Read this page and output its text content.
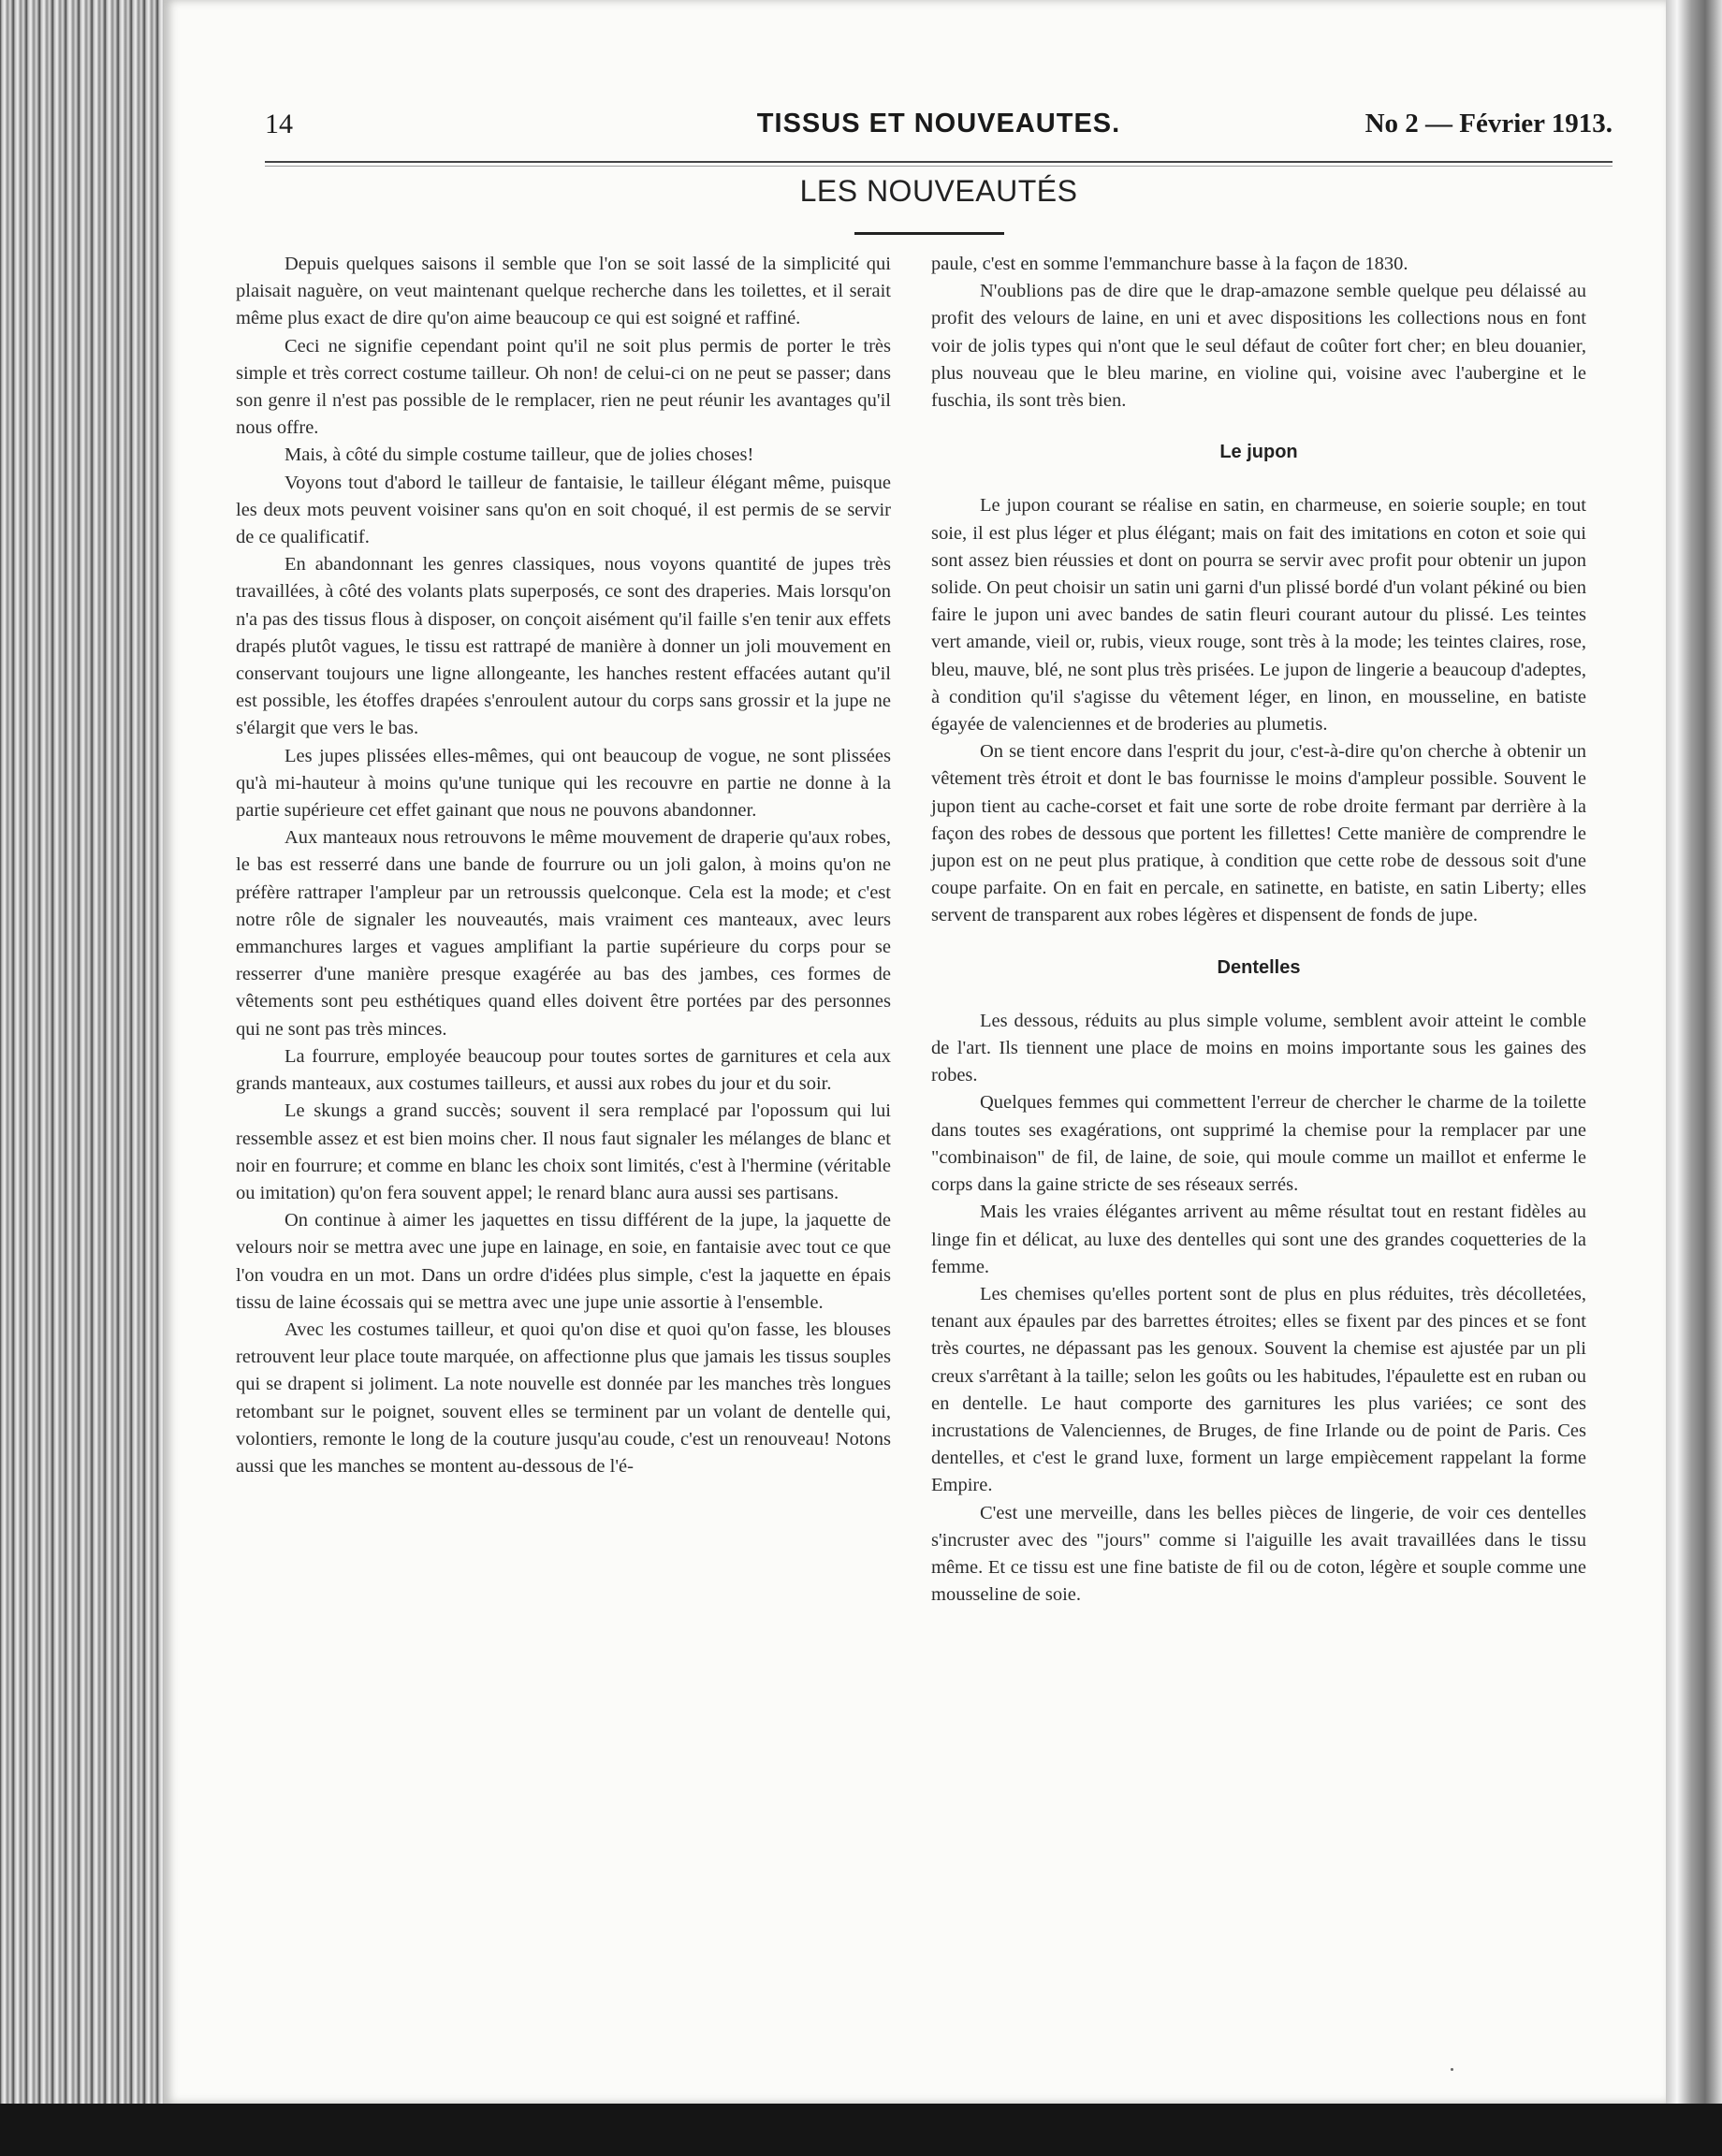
14	TISSUS ET NOUVEAUTES.	No 2 — Février 1913.
LES NOUVEAUTÉS

Depuis quelques saisons il semble que l'on se soit lassé de la simplicité qui plaisait naguère, on veut maintenant quelque recherche dans les toilettes, et il serait même plus exact de dire qu'on aime beaucoup ce qui est soigné et raffiné.

Ceci ne signifie cependant point qu'il ne soit plus permis de porter le très simple et très correct costume tailleur. Oh non! de celui-ci on ne peut se passer; dans son genre il n'est pas possible de le remplacer, rien ne peut réunir les avantages qu'il nous offre.

Mais, à côté du simple costume tailleur, que de jolies choses!

Voyons tout d'abord le tailleur de fantaisie, le tailleur élégant même, puisque les deux mots peuvent voisiner sans qu'on en soit choqué, il est permis de se servir de ce qualificatif.

En abandonnant les genres classiques, nous voyons quantité de jupes très travaillées, à côté des volants plats superposés, ce sont des draperies. Mais lorsqu'on n'a pas des tissus flous à disposer, on conçoit aisément qu'il faille s'en tenir aux effets drapés plutôt vagues, le tissu est rattrapé de manière à donner un joli mouvement en conservant toujours une ligne allongeante, les hanches restent effacées autant qu'il est possible, les étoffes drapées s'enroulent autour du corps sans grossir et la jupe ne s'élargit que vers le bas.

Les jupes plissées elles-mêmes, qui ont beaucoup de vogue, ne sont plissées qu'à mi-hauteur à moins qu'une tunique qui les recouvre en partie ne donne à la partie supérieure cet effet gainant que nous ne pouvons abandonner.

Aux manteaux nous retrouvons le même mouvement de draperie qu'aux robes, le bas est resserré dans une bande de fourrure ou un joli galon, à moins qu'on ne préfère rattraper l'ampleur par un retroussis quelconque. Cela est la mode; et c'est notre rôle de signaler les nouveautés, mais vraiment ces manteaux, avec leurs emmanchures larges et vagues amplifiant la partie supérieure du corps pour se resserrer d'une manière presque exagérée au bas des jambes, ces formes de vêtements sont peu esthétiques quand elles doivent être portées par des personnes qui ne sont pas très minces.

La fourrure, employée beaucoup pour toutes sortes de garnitures et cela aux grands manteaux, aux costumes tailleurs, et aussi aux robes du jour et du soir.

Le skungs a grand succès; souvent il sera remplacé par l'opossum qui lui ressemble assez et est bien moins cher. Il nous faut signaler les mélanges de blanc et noir en fourrure; et comme en blanc les choix sont limités, c'est à l'hermine (véritable ou imitation) qu'on fera souvent appel; le renard blanc aura aussi ses partisans.

On continue à aimer les jaquettes en tissu différent de la jupe, la jaquette de velours noir se mettra avec une jupe en lainage, en soie, en fantaisie avec tout ce que l'on voudra en un mot. Dans un ordre d'idées plus simple, c'est la jaquette en épais tissu de laine écossais qui se mettra avec une jupe unie assortie à l'ensemble.

Avec les costumes tailleur, et quoi qu'on dise et quoi qu'on fasse, les blouses retrouvent leur place toute marquée, on affectionne plus que jamais les tissus souples qui se drapent si joliment. La note nouvelle est donnée par les manches très longues retombant sur le poignet, souvent elles se terminent par un volant de dentelle qui, volontiers, remonte le long de la couture jusqu'au coude, c'est un renouveau! Notons aussi que les manches se montent au-dessous de l'é-

paule, c'est en somme l'emmanchure basse à la façon de 1830.

N'oublions pas de dire que le drap-amazone semble quelque peu délaissé au profit des velours de laine, en uni et avec dispositions les collections nous en font voir de jolis types qui n'ont que le seul défaut de coûter fort cher; en bleu douanier, plus nouveau que le bleu marine, en violine qui, voisine avec l'aubergine et le fuschia, ils sont très bien.

Le jupon

Le jupon courant se réalise en satin, en charmeuse, en soierie souple; en tout soie, il est plus léger et plus élégant; mais on fait des imitations en coton et soie qui sont assez bien réussies et dont on pourra se servir avec profit pour obtenir un jupon solide. On peut choisir un satin uni garni d'un plissé bordé d'un volant pékiné ou bien faire le jupon uni avec bandes de satin fleuri courant autour du plissé. Les teintes vert amande, vieil or, rubis, vieux rouge, sont très à la mode; les teintes claires, rose, bleu, mauve, blé, ne sont plus très prisées. Le jupon de lingerie a beaucoup d'adeptes, à condition qu'il s'agisse du vêtement léger, en linon, en mousseline, en batiste égayée de valenciennes et de broderies au plumetis.

On se tient encore dans l'esprit du jour, c'est-à-dire qu'on cherche à obtenir un vêtement très étroit et dont le bas fournisse le moins d'ampleur possible. Souvent le jupon tient au cache-corset et fait une sorte de robe droite fermant par derrière à la façon des robes de dessous que portent les fillettes! Cette manière de comprendre le jupon est on ne peut plus pratique, à condition que cette robe de dessous soit d'une coupe parfaite. On en fait en percale, en satinette, en batiste, en satin Liberty; elles servent de transparent aux robes légères et dispensent de fonds de jupe.

Dentelles

Les dessous, réduits au plus simple volume, semblent avoir atteint le comble de l'art. Ils tiennent une place de moins en moins importante sous les gaines des robes.

Quelques femmes qui commettent l'erreur de chercher le charme de la toilette dans toutes ses exagérations, ont supprimé la chemise pour la remplacer par une "combinaison" de fil, de laine, de soie, qui moule comme un maillot et enferme le corps dans la gaine stricte de ses réseaux serrés.

Mais les vraies élégantes arrivent au même résultat tout en restant fidèles au linge fin et délicat, au luxe des dentelles qui sont une des grandes coquetteries de la femme.

Les chemises qu'elles portent sont de plus en plus réduites, très décolletées, tenant aux épaules par des barrettes étroites; elles se fixent par des pinces et se font très courtes, ne dépassant pas les genoux. Souvent la chemise est ajustée par un pli creux s'arrêtant à la taille; selon les goûts ou les habitudes, l'épaulette est en ruban ou en dentelle. Le haut comporte des garnitures les plus variées; ce sont des incrustations de Valenciennes, de Bruges, de fine Irlande ou de point de Paris. Ces dentelles, et c'est le grand luxe, forment un large empiècement rappelant la forme Empire.

C'est une merveille, dans les belles pièces de lingerie, de voir ces dentelles s'incruster avec des "jours" comme si l'aiguille les avait travaillées dans le tissu même. Et ce tissu est une fine batiste de fil ou de coton, légère et souple comme une mousseline de soie.
